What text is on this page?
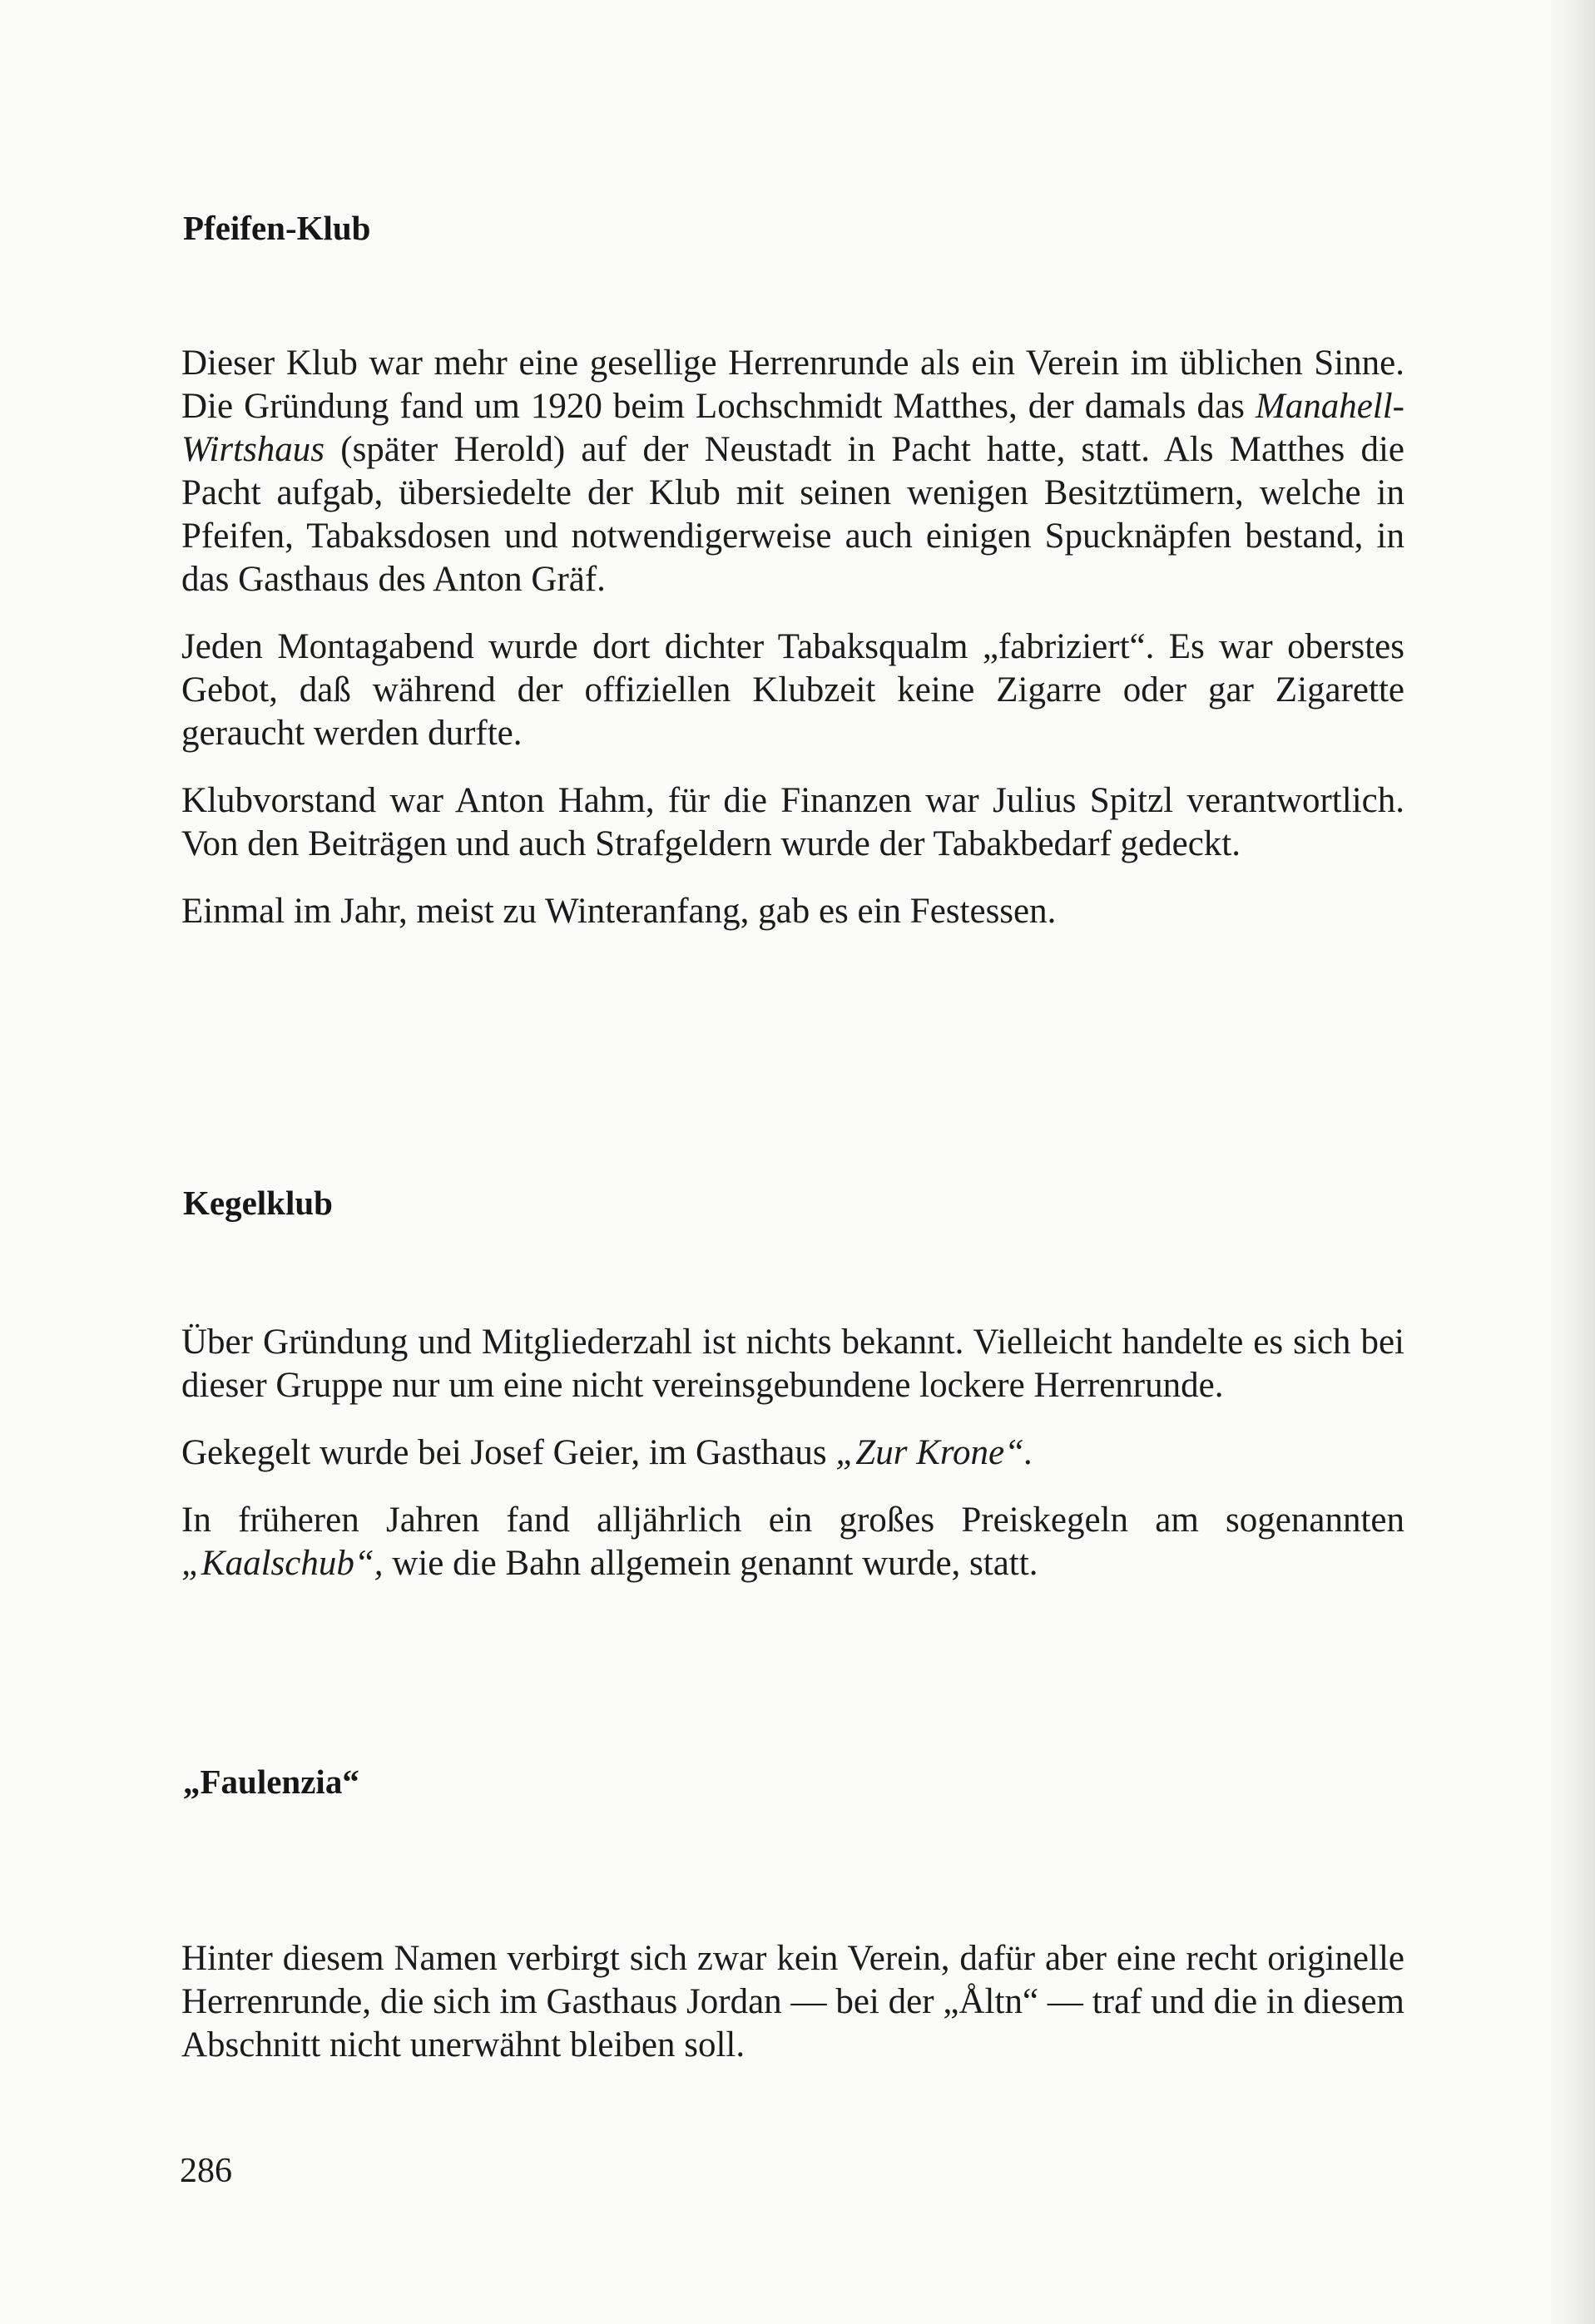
Pfeifen-Klub

Dieser Klub war mehr eine gesellige Herrenrunde als ein Verein im üblichen Sinne. Die Gründung fand um 1920 beim Lochschmidt Matthes, der damals das Manahell-Wirtshaus (später Herold) auf der Neustadt in Pacht hatte, statt. Als Matthes die Pacht aufgab, übersiedelte der Klub mit seinen wenigen Besitztümern, welche in Pfeifen, Tabaksdosen und notwendigerweise auch einigen Spucknäpfen bestand, in das Gasthaus des Anton Gräf.

Jeden Montagabend wurde dort dichter Tabaksqualm „fabriziert“. Es war oberstes Gebot, daß während der offiziellen Klubzeit keine Zigarre oder gar Zigarette geraucht werden durfte.

Klubvorstand war Anton Hahm, für die Finanzen war Julius Spitzl verantwortlich. Von den Beiträgen und auch Strafgeldern wurde der Tabakbedarf gedeckt.

Einmal im Jahr, meist zu Winteranfang, gab es ein Festessen.

Kegelklub

Über Gründung und Mitgliederzahl ist nichts bekannt. Vielleicht handelte es sich bei dieser Gruppe nur um eine nicht vereinsgebundene lockere Herrenrunde.

Gekegelt wurde bei Josef Geier, im Gasthaus „Zur Krone“.

In früheren Jahren fand alljährlich ein großes Preiskegeln am sogenannten „Kaalschub“, wie die Bahn allgemein genannt wurde, statt.

„Faulenzia“

Hinter diesem Namen verbirgt sich zwar kein Verein, dafür aber eine recht originelle Herrenrunde, die sich im Gasthaus Jordan — bei der „Åltn“ — traf und die in diesem Abschnitt nicht unerwähnt bleiben soll.

286
